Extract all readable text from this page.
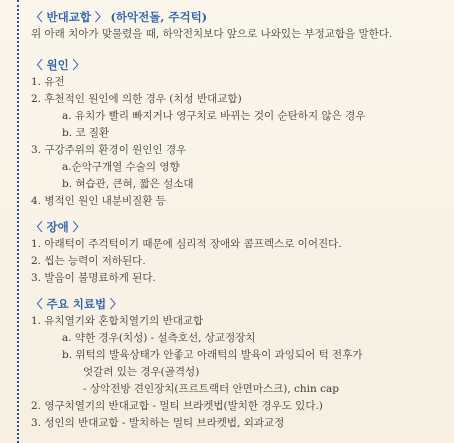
〈 반대교합 〉 (하악전돌, 주걱턱)

위 아래 치아가 맞물렸을 때, 하악전치보다 앞으로 나와있는 부정교합을 말한다.

〈 원인 〉
1. 유전
2. 후천적인 원인에 의한 경우 (치성 반대교합)
a. 유치가 빨리 빠지거나 영구치로 바뀌는 것이 순탄하지 않은 경우
b. 코 질환
3. 구강주위의 환경이 원인인 경우
a.순악구개열 수술의 영향
b. 혀습관, 큰혀, 짧은 설소대
4. 병적인 원인 내분비질환 등
〈 장애 〉
1. 아래턱이 주걱턱이기 때문에 심리적 장애와 콤프렉스로 이어진다.
2. 씹는 능력이 저하된다.
3. 발음이 불명료하게 된다.
〈 주요 치료법 〉
1. 유치열기와 혼합치열기의 반대교합
a. 약한 경우(치성) - 설측호선, 상교정장치
b. 위턱의 발육상태가 안좋고 아래턱의 발육이 과잉되어 턱 전후가
엇갈려 있는 경우(골격성)
- 상악전방 견인장치(프르트랙터 안면마스크), chin cap
2. 영구치열기의 반대교합 - 멀티 브라켓법(발치한 경우도 있다.)
3. 성인의 반대교합 - 발치하는 멀티 브라켓법, 외과교정
